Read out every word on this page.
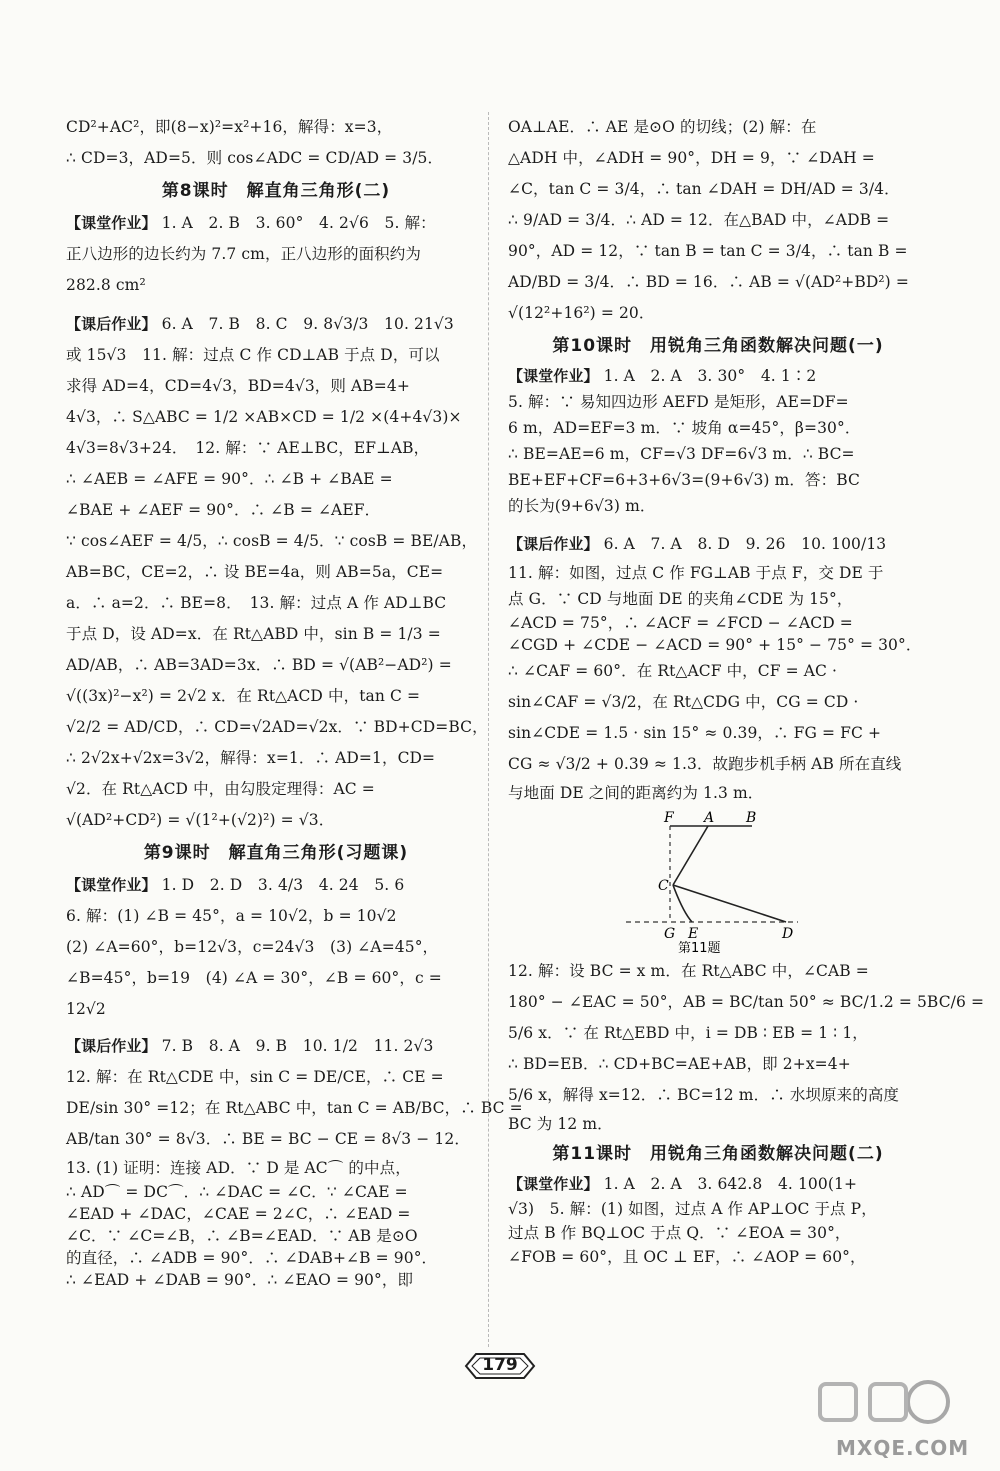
CD²+AC²，即(8−x)²=x²+16，解得：x=3，
∴ CD=3，AD=5．则 cos∠ADC = CD/AD = 3/5．
第8课时　解直角三角形(二)
【课堂作业】 1. A　2. B　3. 60°　4. 2√6　5. 解：
正八边形的边长约为 7.7 cm，正八边形的面积约为
282.8 cm²
【课后作业】 6. A　7. B　8. C　9. 8√3/3　10. 21√3
或 15√3　11. 解：过点 C 作 CD⊥AB 于点 D，可以
求得 AD=4，CD=4√3，BD=4√3，则 AB=4+
4√3，∴ S△ABC = 1/2 ×AB×CD = 1/2 ×(4+4√3)×
4√3=8√3+24．　12. 解：∵ AE⊥BC，EF⊥AB，
∴ ∠AEB = ∠AFE = 90°．∴ ∠B + ∠BAE =
∠BAE + ∠AEF = 90°．∴ ∠B = ∠AEF．
∵ cos∠AEF = 4/5，∴ cosB = 4/5．∵ cosB = BE/AB，
AB=BC，CE=2，∴ 设 BE=4a，则 AB=5a，CE=
a．∴ a=2．∴ BE=8．　13. 解：过点 A 作 AD⊥BC
于点 D，设 AD=x．在 Rt△ABD 中，sin B = 1/3 =
AD/AB，∴ AB=3AD=3x．∴ BD = √(AB²−AD²) =
√((3x)²−x²) = 2√2 x．在 Rt△ACD 中，tan C =
√2/2 = AD/CD，∴ CD=√2AD=√2x．∵ BD+CD=BC，
∴ 2√2x+√2x=3√2，解得：x=1．∴ AD=1，CD=
√2．在 Rt△ACD 中，由勾股定理得：AC =
√(AD²+CD²) = √(1²+(√2)²) = √3．
第9课时　解直角三角形(习题课)
【课堂作业】 1. D　2. D　3. 4/3　4. 24　5. 6
6. 解：(1) ∠B = 45°，a = 10√2，b = 10√2
(2) ∠A=60°，b=12√3，c=24√3　(3) ∠A=45°，
∠B=45°，b=19　(4) ∠A = 30°，∠B = 60°，c =
12√2
【课后作业】 7. B　8. A　9. B　10. 1/2　11. 2√3
12. 解：在 Rt△CDE 中，sin C = DE/CE，∴ CE =
DE/sin 30° =12；在 Rt△ABC 中，tan C = AB/BC，∴ BC =
AB/tan 30° = 8√3．∴ BE = BC − CE = 8√3 − 12．
13. (1) 证明：连接 AD．∵ D 是 AC⌒ 的中点，
∴ AD⌒ = DC⌒．∴ ∠DAC = ∠C．∵ ∠CAE =
∠EAD + ∠DAC，∠CAE = 2∠C，∴ ∠EAD =
∠C．∵ ∠C=∠B，∴ ∠B=∠EAD．∵ AB 是⊙O
的直径，∴ ∠ADB = 90°．∴ ∠DAB+∠B = 90°．
∴ ∠EAD + ∠DAB = 90°．∴ ∠EAO = 90°，即
OA⊥AE．∴ AE 是⊙O 的切线；(2) 解：在
△ADH 中，∠ADH = 90°，DH = 9，∵ ∠DAH =
∠C，tan C = 3/4，∴ tan ∠DAH = DH/AD = 3/4．
∴ 9/AD = 3/4．∴ AD = 12．在△BAD 中，∠ADB =
90°，AD = 12，∵ tan B = tan C = 3/4，∴ tan B =
AD/BD = 3/4．∴ BD = 16．∴ AB = √(AD²+BD²) =
√(12²+16²) = 20．
第10课时　用锐角三角函数解决问题(一)
【课堂作业】 1. A　2. A　3. 30°　4. 1∶2
5. 解：∵ 易知四边形 AEFD 是矩形，AE=DF=
6 m，AD=EF=3 m．∵ 坡角 α=45°，β=30°．
∴ BE=AE=6 m，CF=√3 DF=6√3 m．∴ BC=
BE+EF+CF=6+3+6√3=(9+6√3) m．答：BC
的长为(9+6√3) m．
【课后作业】 6. A　7. A　8. D　9. 26　10. 100/13
11. 解：如图，过点 C 作 FG⊥AB 于点 F，交 DE 于
点 G．∵ CD 与地面 DE 的夹角∠CDE 为 15°，
∠ACD = 75°，∴ ∠ACF = ∠FCD − ∠ACD =
∠CGD + ∠CDE − ∠ACD = 90° + 15° − 75° = 30°．
∴ ∠CAF = 60°．在 Rt△ACF 中，CF = AC ·
sin∠CAF = √3/2，在 Rt△CDG 中，CG = CD ·
sin∠CDE = 1.5 · sin 15° ≈ 0.39，∴ FG = FC +
CG ≈ √3/2 + 0.39 ≈ 1.3．故跑步机手柄 AB 所在直线
与地面 DE 之间的距离约为 1.3 m．
F A B
C
G E	D
第11题
12. 解：设 BC = x m．在 Rt△ABC 中，∠CAB =
180° − ∠EAC = 50°，AB = BC/tan 50° ≈ BC/1.2 = 5BC/6 =
5/6 x．∵ 在 Rt△EBD 中，i = DB ∶ EB = 1 ∶ 1，
∴ BD=EB．∴ CD+BC=AE+AB，即 2+x=4+
5/6 x，解得 x=12．∴ BC=12 m．∴ 水坝原来的高度
BC 为 12 m．
第11课时　用锐角三角函数解决问题(二)
【课堂作业】 1. A　2. A　3. 642.8　4. 100(1+
√3)　5. 解：(1) 如图，过点 A 作 AP⊥OC 于点 P，
过点 B 作 BQ⊥OC 于点 Q．∵ ∠EOA = 30°，
∠FOB = 60°，且 OC ⊥ EF，∴ ∠AOP = 60°，
179
MXQE.COM
